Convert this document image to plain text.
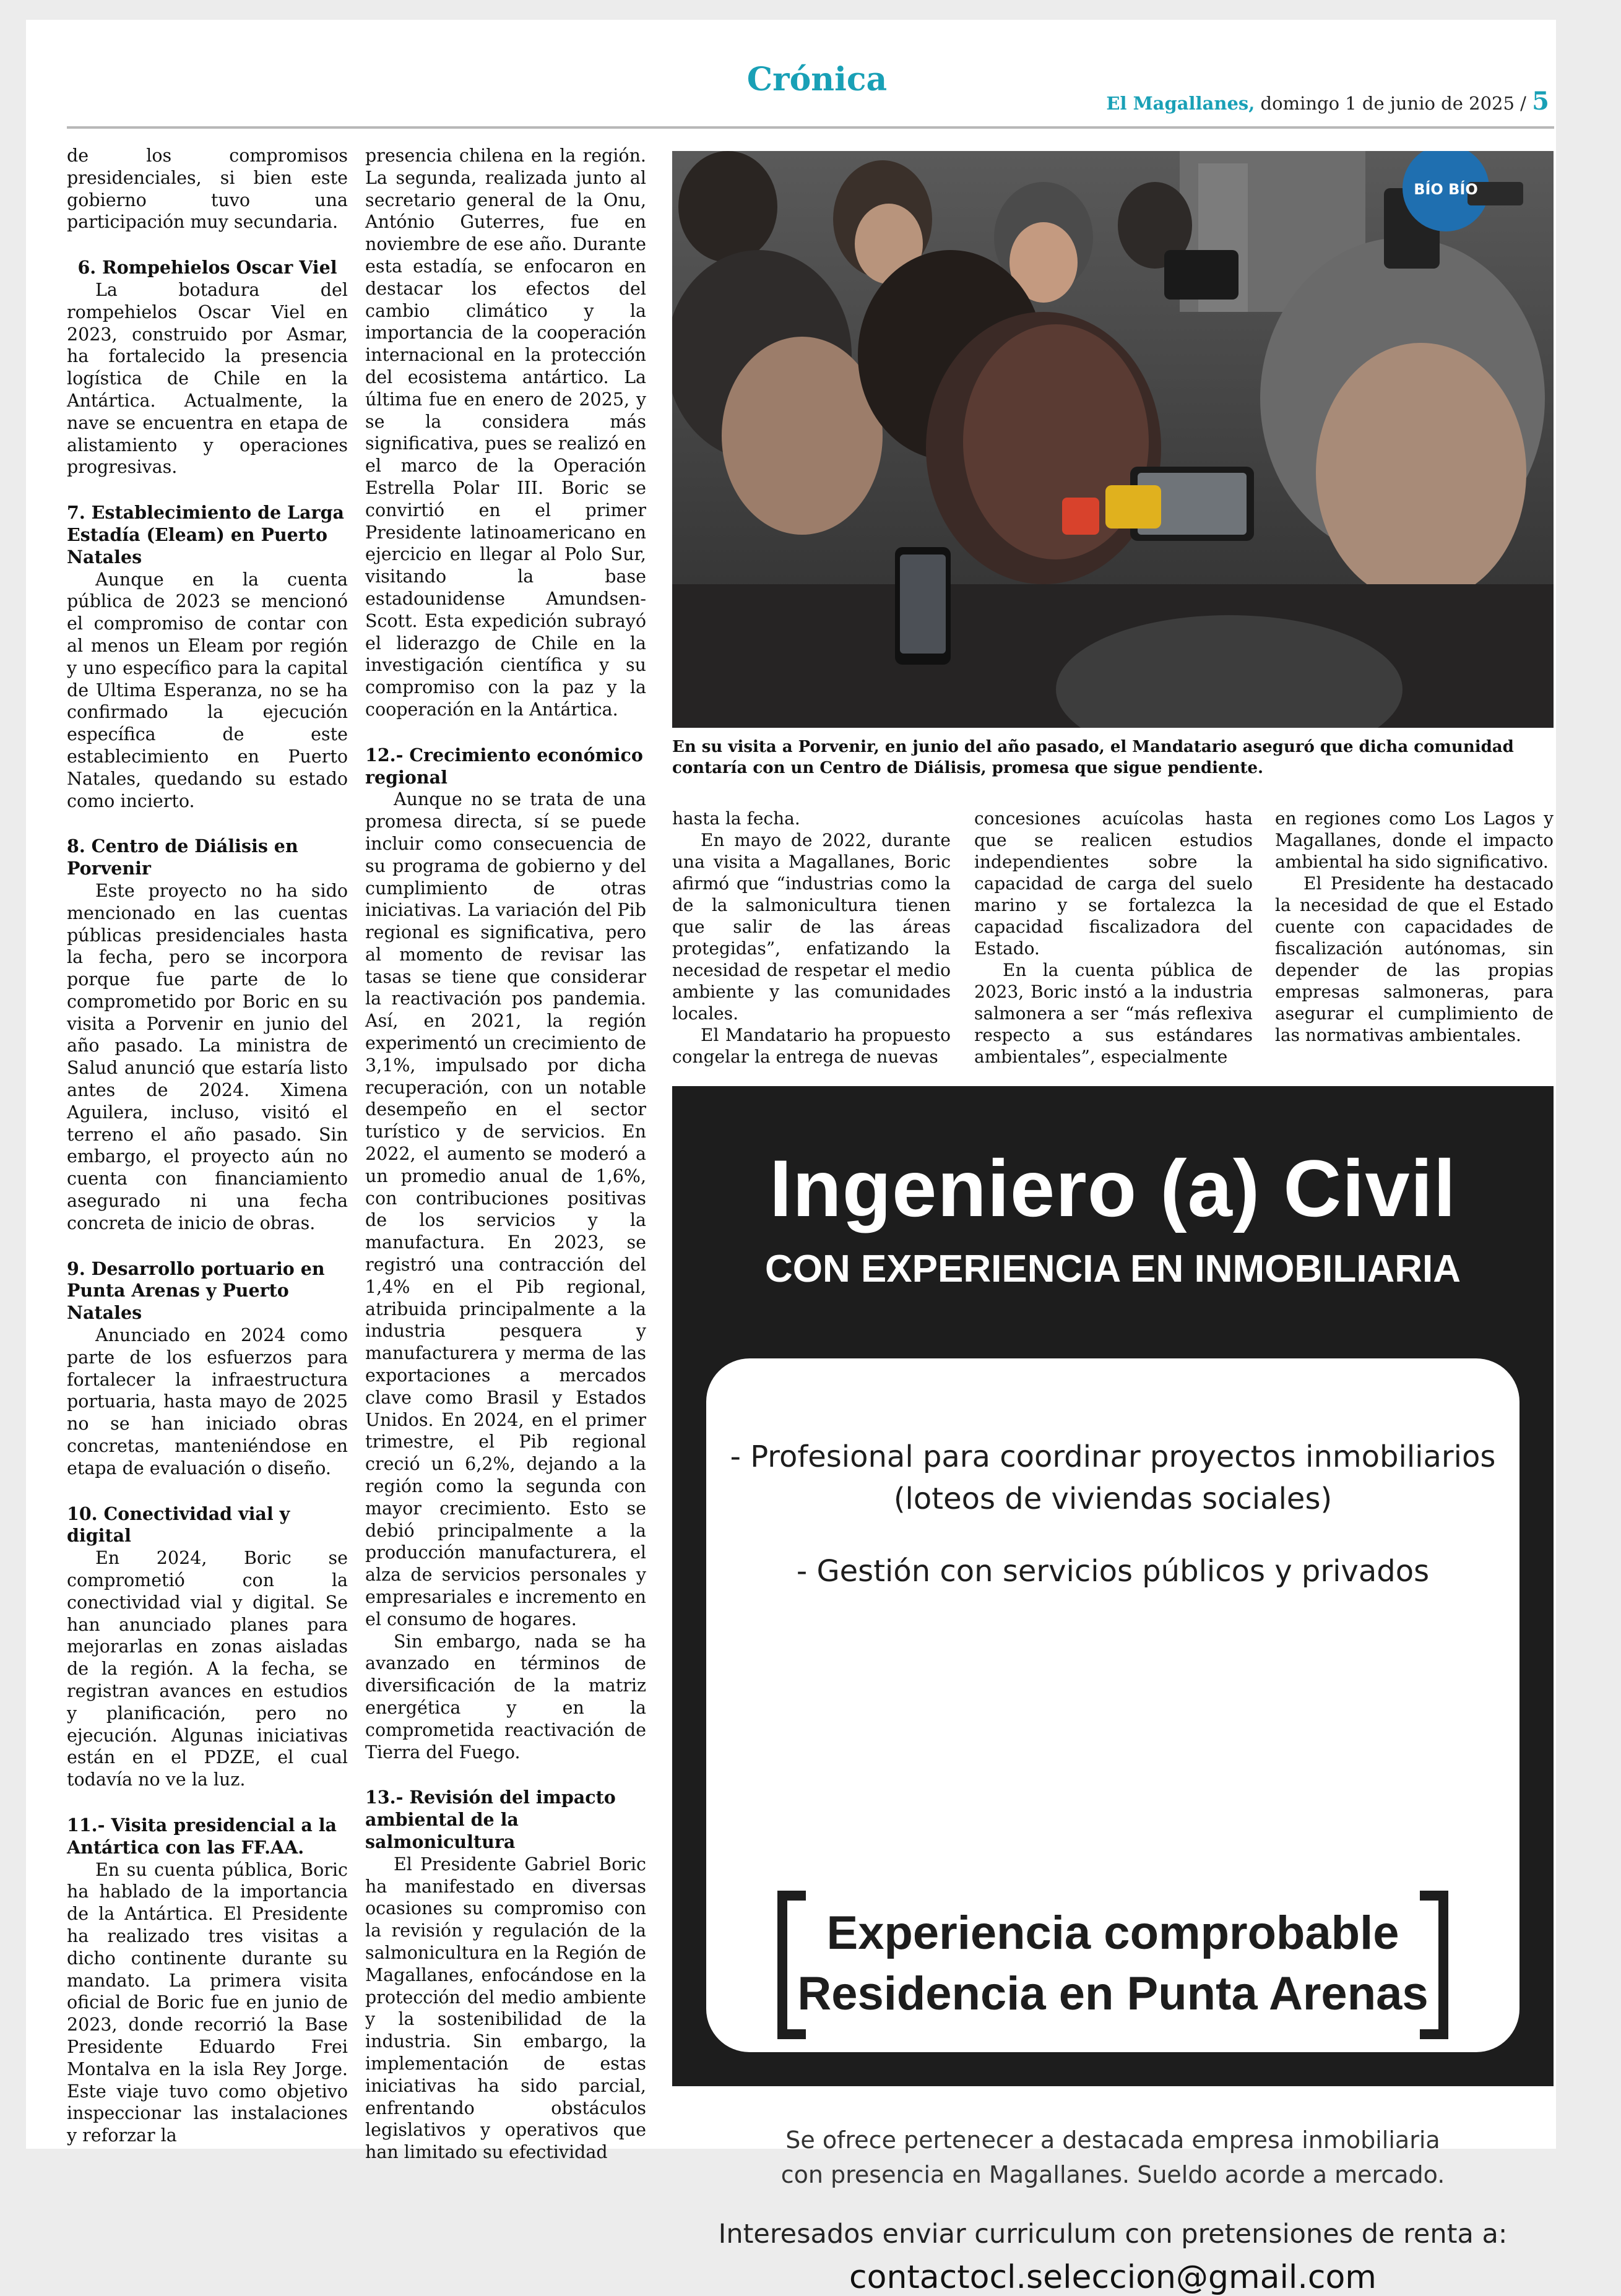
Crónica
El Magallanes, domingo 1 de junio de 2025 / 5

de los compromisos presidenciales, si bien este gobierno tuvo una participación muy secundaria.

6. Rompehielos Oscar Viel

La botadura del rompehielos Oscar Viel en 2023, construido por Asmar, ha fortalecido la presencia logística de Chile en la Antártica. Actualmente, la nave se encuentra en etapa de alistamiento y operaciones progresivas.

7. Establecimiento de Larga Estadía (Eleam) en Puerto Natales

Aunque en la cuenta pública de 2023 se mencionó el compromiso de contar con al menos un Eleam por región y uno específico para la capital de Ultima Esperanza, no se ha confirmado la ejecución específica de este establecimiento en Puerto Natales, quedando su estado como incierto.

8. Centro de Diálisis en Porvenir

Este proyecto no ha sido mencionado en las cuentas públicas presidenciales hasta la fecha, pero se incorpora porque fue parte de lo comprometido por Boric en su visita a Porvenir en junio del año pasado. La ministra de Salud anunció que estaría listo antes de 2024. Ximena Aguilera, incluso, visitó el terreno el año pasado. Sin embargo, el proyecto aún no cuenta con financiamiento asegurado ni una fecha concreta de inicio de obras.

9. Desarrollo portuario en Punta Arenas y Puerto Natales

Anunciado en 2024 como parte de los esfuerzos para fortalecer la infraestructura portuaria, hasta mayo de 2025 no se han iniciado obras concretas, manteniéndose en etapa de evaluación o diseño.

10. Conectividad vial y digital

En 2024, Boric se comprometió con la conectividad vial y digital. Se han anunciado planes para mejorarlas en zonas aisladas de la región. A la fecha, se registran avances en estudios y planificación, pero no ejecución. Algunas iniciativas están en el PDZE, el cual todavía no ve la luz.

11.- Visita presidencial a la Antártica con las FF.AA.

En su cuenta pública, Boric ha hablado de la importancia de la Antártica. El Presidente ha realizado tres visitas a dicho continente durante su mandato. La primera visita oficial de Boric fue en junio de 2023, donde recorrió la Base Presidente Eduardo Frei Montalva en la isla Rey Jorge. Este viaje tuvo como objetivo inspeccionar las instalaciones y reforzar la

presencia chilena en la región. La segunda, realizada junto al secretario general de la Onu, António Guterres, fue en noviembre de ese año. Durante esta estadía, se enfocaron en destacar los efectos del cambio climático y la importancia de la cooperación internacional en la protección del ecosistema antártico. La última fue en enero de 2025, y se la considera más significativa, pues se realizó en el marco de la Operación Estrella Polar III. Boric se convirtió en el primer Presidente latinoamericano en ejercicio en llegar al Polo Sur, visitando la base estadounidense Amundsen-Scott. Esta expedición subrayó el liderazgo de Chile en la investigación científica y su compromiso con la paz y la cooperación en la Antártica.

12.- Crecimiento económico regional

Aunque no se trata de una promesa directa, sí se puede incluir como consecuencia de su programa de gobierno y del cumplimiento de otras iniciativas. La variación del Pib regional es significativa, pero al momento de revisar las tasas se tiene que considerar la reactivación pos pandemia. Así, en 2021, la región experimentó un crecimiento de 3,1%, impulsado por dicha recuperación, con un notable desempeño en el sector turístico y de servicios. En 2022, el aumento se moderó a un promedio anual de 1,6%, con contribuciones positivas de los servicios y la manufactura. En 2023, se registró una contracción del 1,4% en el Pib regional, atribuida principalmente a la industria pesquera y manufacturera y merma de las exportaciones a mercados clave como Brasil y Estados Unidos. En 2024, en el primer trimestre, el Pib regional creció un 6,2%, dejando a la región como la segunda con mayor crecimiento. Esto se debió principalmente a la producción manufacturera, el alza de servicios personales y empresariales e incremento en el consumo de hogares.

Sin embargo, nada se ha avanzado en términos de diversificación de la matriz energética y en la comprometida reactivación de Tierra del Fuego.

13.- Revisión del impacto ambiental de la salmonicultura

El Presidente Gabriel Boric ha manifestado en diversas ocasiones su compromiso con la revisión y regulación de la salmonicultura en la Región de Magallanes, enfocándose en la protección del medio ambiente y la sostenibilidad de la industria. Sin embargo, la implementación de estas iniciativas ha sido parcial, enfrentando obstáculos legislativos y operativos que han limitado su efectividad

BÍO BÍO
En su visita a Porvenir, en junio del año pasado, el Mandatario aseguró que dicha comunidad contaría con un Centro de Diálisis, promesa que sigue pendiente.

hasta la fecha.

En mayo de 2022, durante una visita a Magallanes, Boric afirmó que “industrias como la de la salmonicultura tienen que salir de las áreas protegidas”, enfatizando la necesidad de respetar el medio ambiente y las comunidades locales.

El Mandatario ha propuesto congelar la entrega de nuevas

concesiones acuícolas hasta que se realicen estudios independientes sobre la capacidad de carga del suelo marino y se fortalezca la capacidad fiscalizadora del Estado.

En la cuenta pública de 2023, Boric instó a la industria salmonera a ser “más reflexiva respecto a sus estándares ambientales”, especialmente

en regiones como Los Lagos y Magallanes, donde el impacto ambiental ha sido significativo.

El Presidente ha destacado la necesidad de que el Estado cuente con capacidades de fiscalización autónomas, sin depender de las propias empresas salmoneras, para asegurar el cumplimiento de las normativas ambientales.

Ingeniero (a) Civil
CON EXPERIENCIA EN INMOBILIARIA
- Profesional para coordinar proyectos inmobiliarios
(loteos de viviendas sociales)
- Gestión con servicios públicos y privados
Experiencia comprobable
Residencia en Punta Arenas
Se ofrece pertenecer a destacada empresa inmobiliaria
con presencia en Magallanes. Sueldo acorde a mercado.
Interesados enviar curriculum con pretensiones de renta a:
contactocl.seleccion@gmail.com
